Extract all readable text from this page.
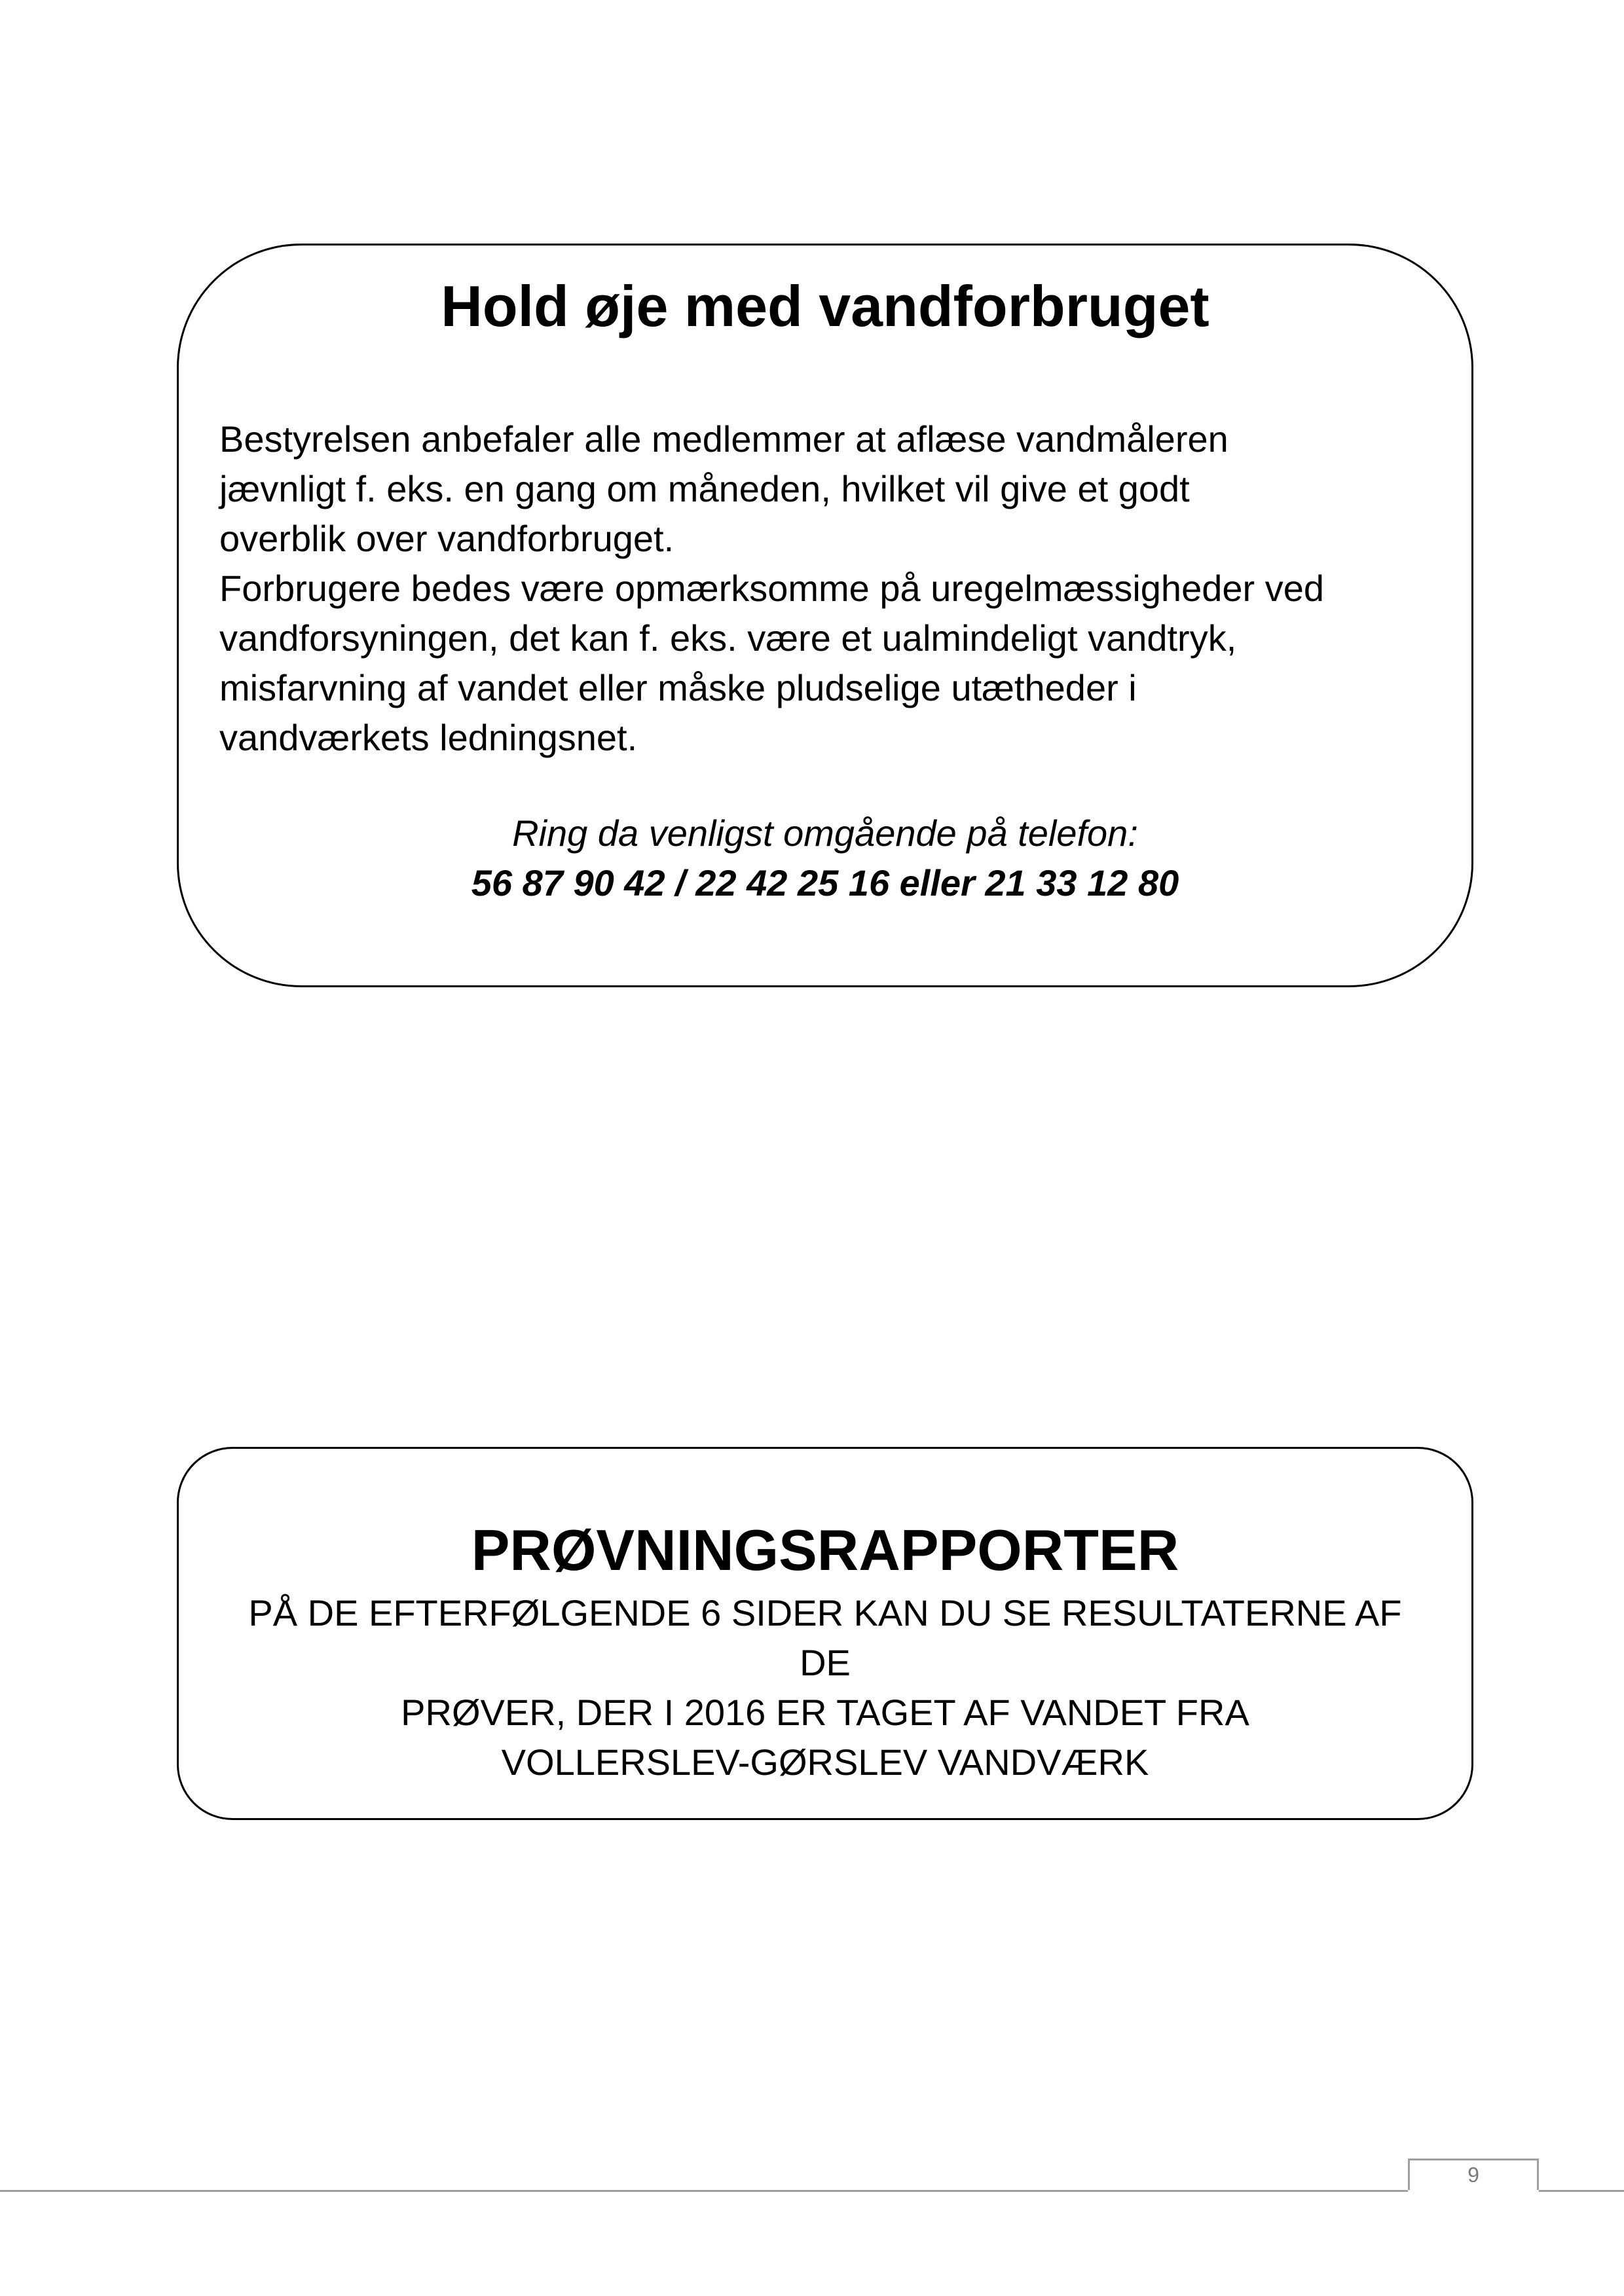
Hold øje med vandforbruget

Bestyrelsen anbefaler alle medlemmer at aflæse vandmåleren

jævnligt f. eks. en gang om måneden, hvilket vil give et godt

overblik over vandforbruget.

Forbrugere bedes være opmærksomme på uregelmæssigheder ved

vandforsyningen, det kan f. eks. være et ualmindeligt vandtryk,

misfarvning af vandet eller måske pludselige utætheder i

vandværkets ledningsnet.

Ring da venligst omgående på telefon:
56 87 90 42 / 22 42 25 16 eller 21 33 12 80
PRØVNINGSRAPPORTER
PÅ DE EFTERFØLGENDE 6 SIDER KAN DU SE RESULTATERNE AF DE
PRØVER, DER I 2016 ER TAGET AF VANDET FRA
VOLLERSLEV-GØRSLEV VANDVÆRK
9
